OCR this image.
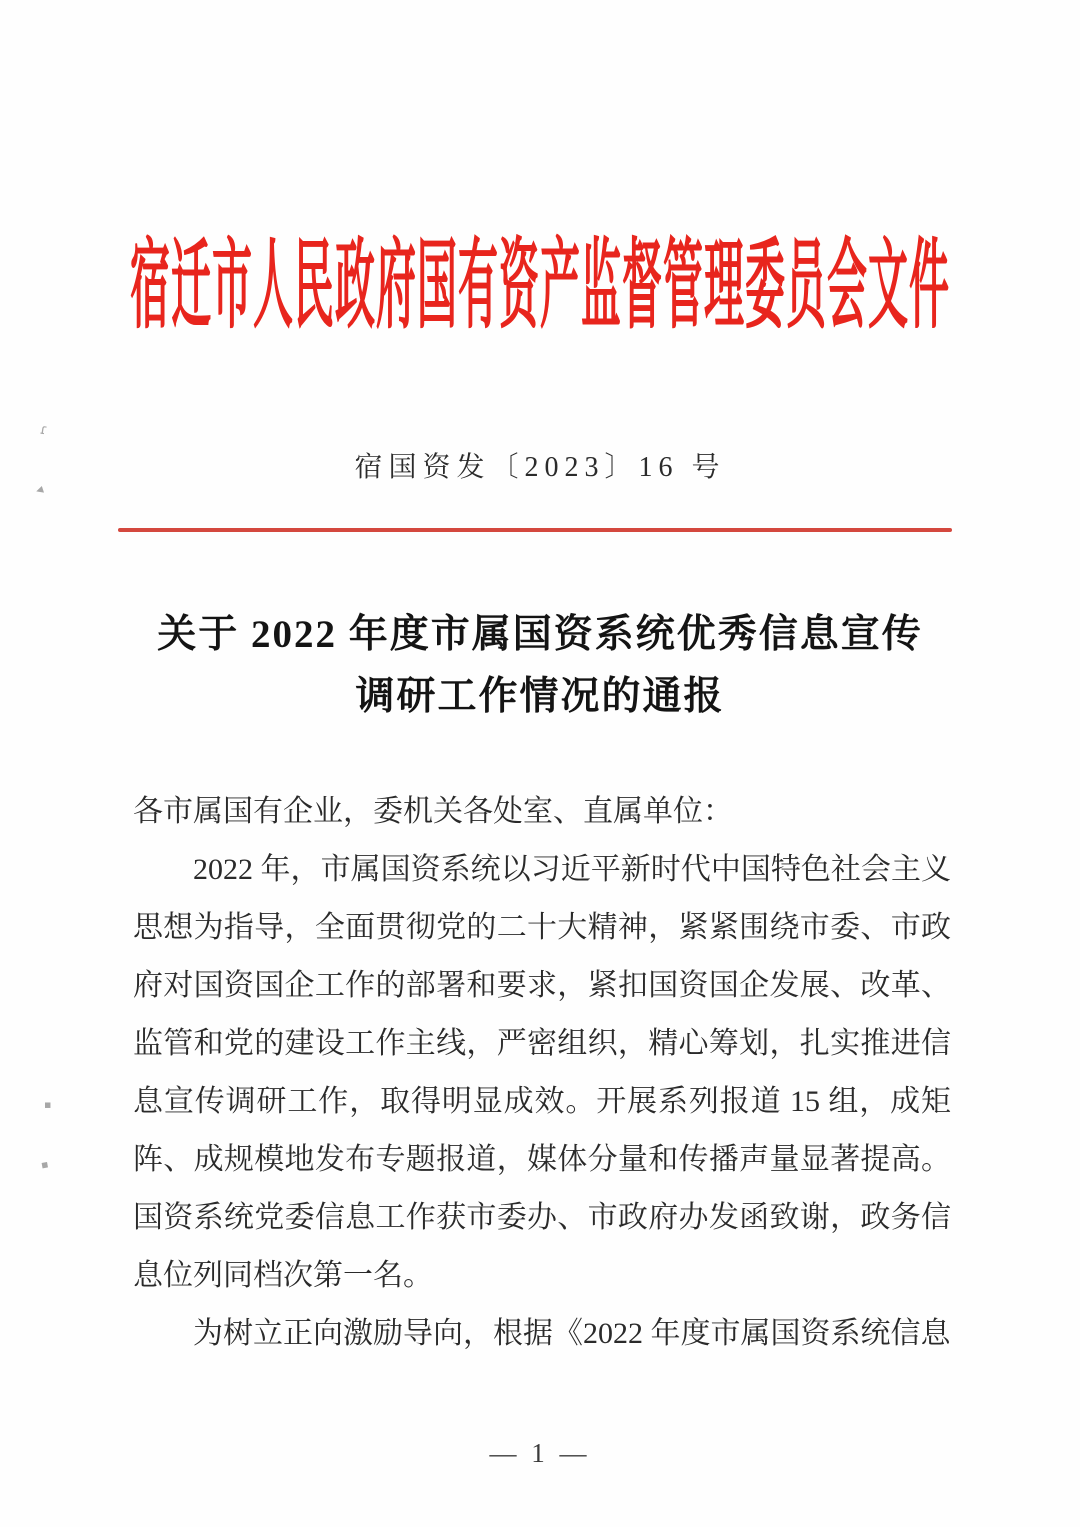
宿迁市人民政府国有资产监督管理委员会文件
宿国资发〔2023〕16 号
关于 2022 年度市属国资系统优秀信息宣传
调研工作情况的通报

各市属国有企业，委机关各处室、直属单位：

2022 年，市属国资系统以习近平新时代中国特色社会主义思想为指导，全面贯彻党的二十大精神，紧紧围绕市委、市政府对国资国企工作的部署和要求，紧扣国资国企发展、改革、监管和党的建设工作主线，严密组织，精心筹划，扎实推进信息宣传调研工作，取得明显成效。开展系列报道 15 组，成矩阵、成规模地发布专题报道，媒体分量和传播声量显著提高。国资系统党委信息工作获市委办、市政府办发函致谢，政务信息位列同档次第一名。

为树立正向激励导向，根据《2022 年度市属国资系统信息

— 1 —
ɾ
◂
▪
▪
